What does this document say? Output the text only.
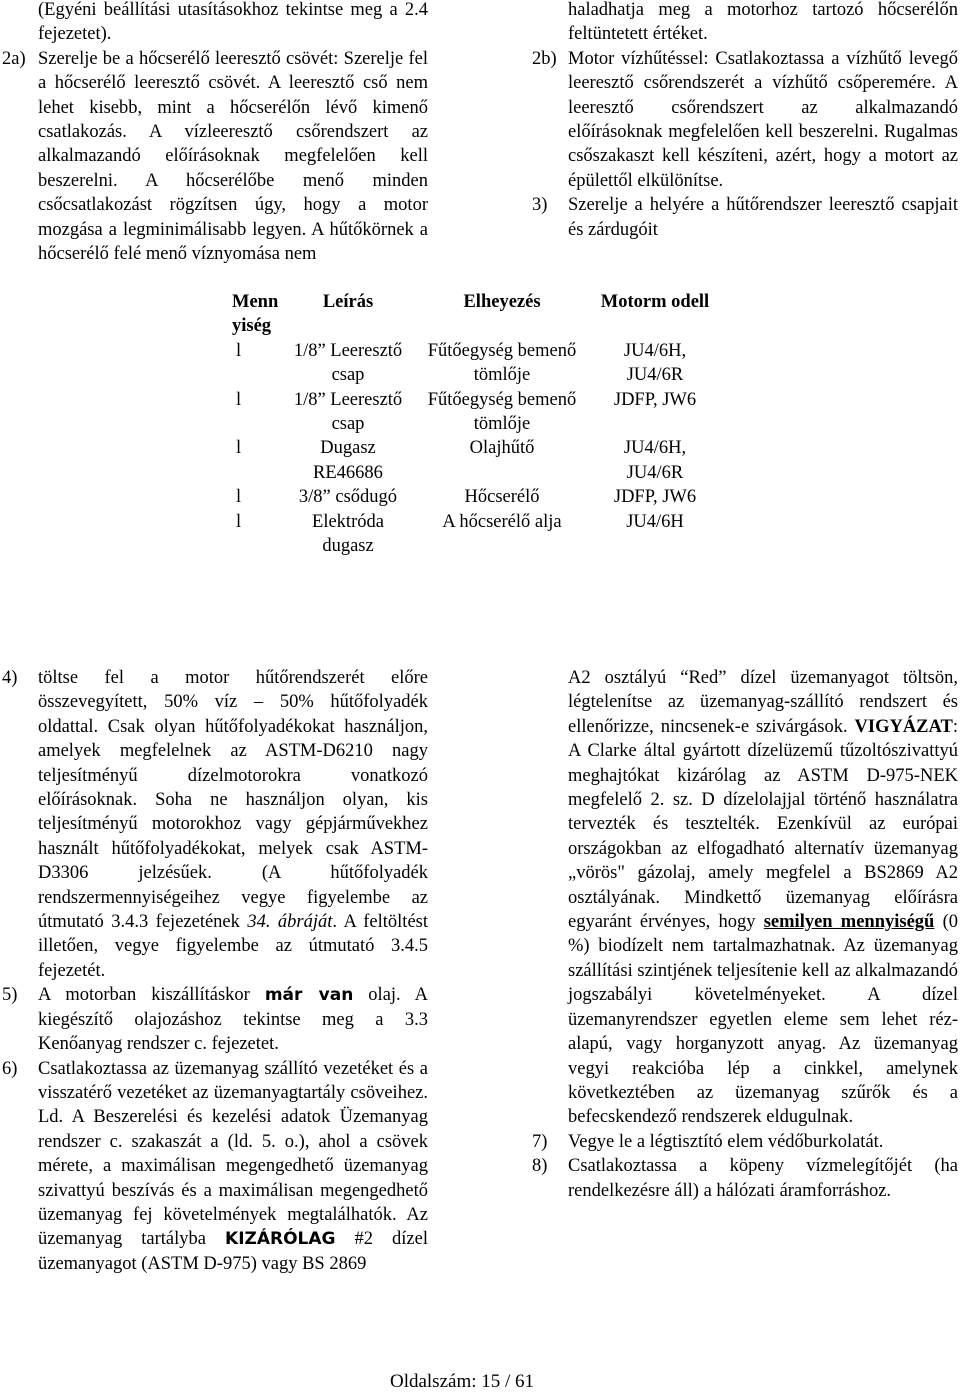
(Egyéni beállítási utasításokhoz tekintse meg a 2.4 fejezetet).

2a) Szerelje be a hőcserélő leeresztő csövét: Szerelje fel a hőcserélő leeresztő csövét. A leeresztő cső nem lehet kisebb, mint a hőcserélőn lévő kimenő csatlakozás. A vízleeresztő csőrendszert az alkalmazandó előírásoknak megfelelően kell beszerelni. A hőcserélőbe menő minden csőcsatlakozást rögzítsen úgy, hogy a motor mozgása a legminimálisabb legyen. A hűtőkörnek a hőcserélő felé menő víznyomása nem

haladhatja meg a motorhoz tartozó hőcserélőn feltüntetett értéket.

2b) Motor vízhűtéssel: Csatlakoztassa a vízhűtő levegő leeresztő csőrendszerét a vízhűtő csőperemére. A leeresztő csőrendszert az alkalmazandó előírásoknak megfelelően kell beszerelni. Rugalmas csőszakaszt kell készíteni, azért, hogy a motort az épülettől elkülönítse.
3)	Szerelje a helyére a hűtőrendszer leeresztő csapjait és zárdugóit
Menn yiség	Leírás	Elheyezés	Motorm odell
l	1/8” Leeresztő csap	Fűtőegység bemenő tömlője	JU4/6H, JU4/6R
l	1/8” Leeresztő csap	Fűtőegység bemenő tömlője	JDFP, JW6
l	Dugasz RE46686	Olajhűtő	JU4/6H, JU4/6R
l	3/8” csődugó	Hőcserélő	JDFP, JW6
l	Elektróda dugasz	A hőcserélő alja	JU4/6H
4)	töltse fel a motor hűtőrendszerét előre összevegyített, 50% víz – 50% hűtőfolyadék oldattal. Csak olyan hűtőfolyadékokat használjon, amelyek megfelelnek az ASTM-D6210 nagy teljesítményű dízelmotorokra vonatkozó előírásoknak. Soha ne használjon olyan, kis teljesítményű motorokhoz vagy gépjárművekhez használt hűtőfolyadékokat, melyek csak ASTM-D3306 jelzésűek. (A hűtőfolyadék rendszermennyiségeihez vegye figyelembe az útmutató 3.4.3 fejezetének 34. ábráját. A feltöltést illetően, vegye figyelembe az útmutató 3.4.5 fejezetét.
5)	A motorban kiszállításkor már van olaj. A kiegészítő olajozáshoz tekintse meg a 3.3 Kenőanyag rendszer c. fejezetet.
6)	Csatlakoztassa az üzemanyag szállító vezetéket és a visszatérő vezetéket az üzemanyagtartály csöveihez. Ld. A Beszerelési és kezelési adatok Üzemanyag rendszer c. szakaszát a (ld. 5. o.), ahol a csövek mérete, a maximálisan megengedhető üzemanyag szivattyú beszívás és a maximálisan megengedhető üzemanyag fej követelmények megtalálhatók. Az üzemanyag tartályba KIZÁRÓLAG #2 dízel üzemanyagot (ASTM D-975) vagy BS 2869

A2 osztályú “Red” dízel üzemanyagot töltsön, légtelenítse az üzemanyag-szállító rendszert és ellenőrizze, nincsenek-e szivárgások. VIGYÁZAT: A Clarke által gyártott dízelüzemű tűzoltószivattyú meghajtókat kizárólag az ASTM D-975-NEK megfelelő 2. sz. D dízelolajjal történő használatra tervezték és tesztelték. Ezenkívül az európai országokban az elfogadható alternatív üzemanyag „vörös" gázolaj, amely megfelel a BS2869 A2 osztályának. Mindkettő üzemanyag előírásra egyaránt érvényes, hogy semilyen mennyiségű (0 %) biodízelt nem tartalmazhatnak. Az üzemanyag szállítási szintjének teljesítenie kell az alkalmazandó jogszabályi követelményeket. A dízel üzemanyrendszer egyetlen eleme sem lehet réz-alapú, vagy horganyzott anyag. Az üzemanyag vegyi reakcióba lép a cinkkel, amelynek következtében az üzemanyag szűrők és a befecskendező rendszerek eldugulnak.

7)	Vegye le a légtisztító elem védőburkolatát.
8)	Csatlakoztassa a köpeny vízmelegítőjét (ha rendelkezésre áll) a hálózati áramforráshoz.
Oldalszám: 15 / 61
